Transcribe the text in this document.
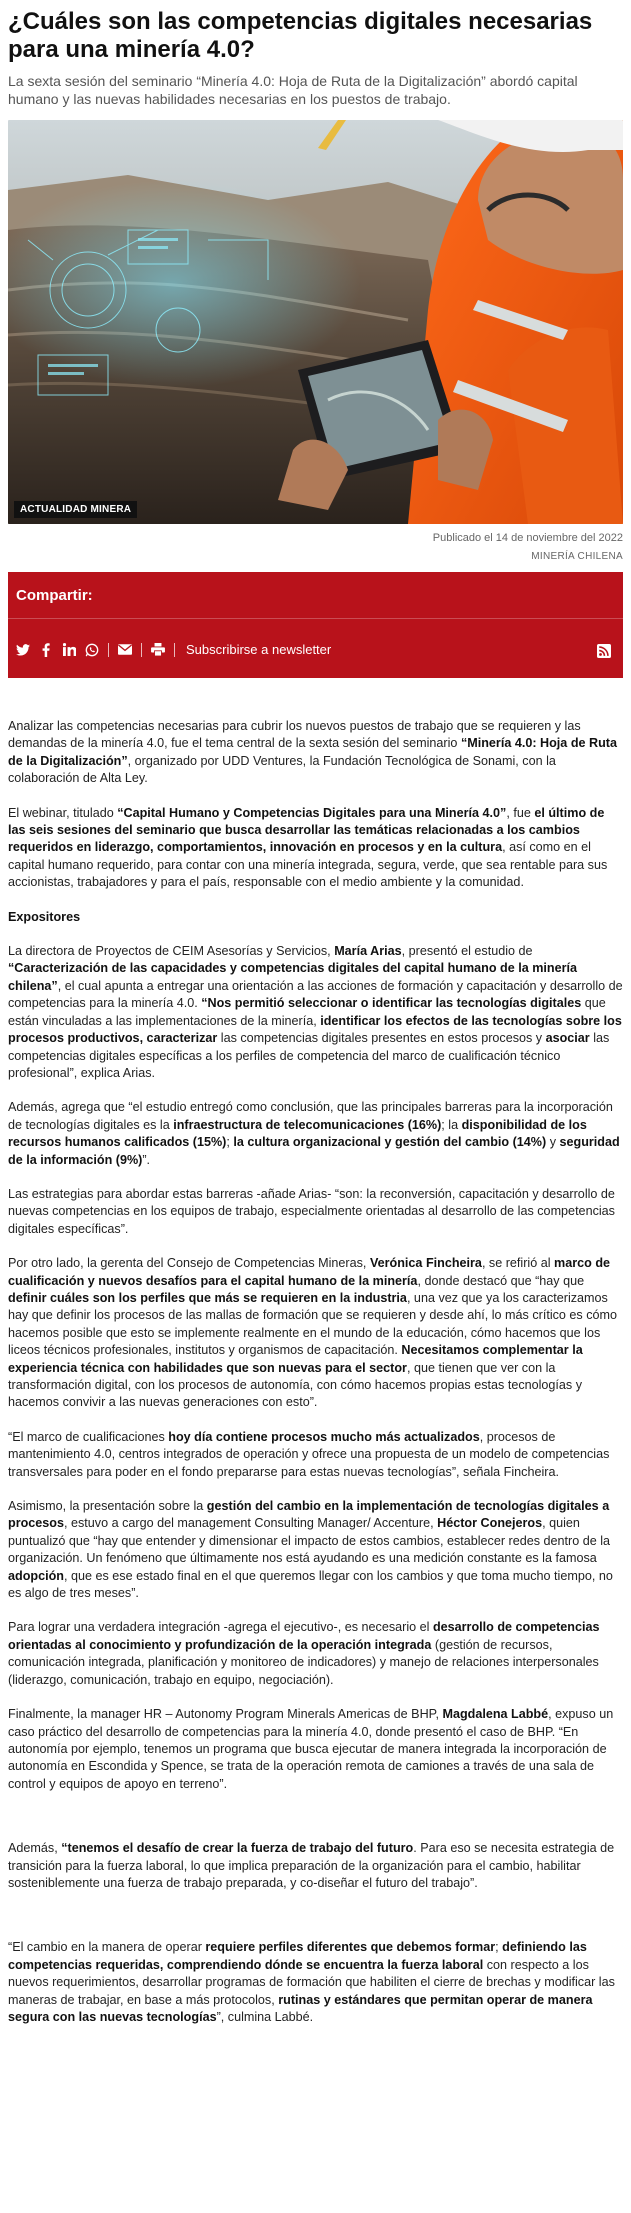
¿Cuáles son las competencias digitales necesarias para una minería 4.0?

La sexta sesión del seminario “Minería 4.0: Hoja de Ruta de la Digitalización” abordó capital humano y las nuevas habilidades necesarias en los puestos de trabajo.

ACTUALIDAD MINERA
Publicado el 14 de noviembre del 2022
MINERÍA CHILENA
Compartir:
Subscribirse a newsletter

Analizar las competencias necesarias para cubrir los nuevos puestos de trabajo que se requieren y las demandas de la minería 4.0, fue el tema central de la sexta sesión del seminario “Minería 4.0: Hoja de Ruta de la Digitalización”, organizado por UDD Ventures, la Fundación Tecnológica de Sonami, con la colaboración de Alta Ley.

El webinar, titulado “Capital Humano y Competencias Digitales para una Minería 4.0”, fue el último de las seis sesiones del seminario que busca desarrollar las temáticas relacionadas a los cambios requeridos en liderazgo, comportamientos, innovación en procesos y en la cultura, así como en el capital humano requerido, para contar con una minería integrada, segura, verde, que sea rentable para sus accionistas, trabajadores y para el país, responsable con el medio ambiente y la comunidad.

Expositores

La directora de Proyectos de CEIM Asesorías y Servicios, María Arias, presentó el estudio de “Caracterización de las capacidades y competencias digitales del capital humano de la minería chilena”, el cual apunta a entregar una orientación a las acciones de formación y capacitación y desarrollo de competencias para la minería 4.0. “Nos permitió seleccionar o identificar las tecnologías digitales que están vinculadas a las implementaciones de la minería, identificar los efectos de las tecnologías sobre los procesos productivos, caracterizar las competencias digitales presentes en estos procesos y asociar las competencias digitales específicas a los perfiles de competencia del marco de cualificación técnico profesional”, explica Arias.

Además, agrega que “el estudio entregó como conclusión, que las principales barreras para la incorporación de tecnologías digitales es la infraestructura de telecomunicaciones (16%); la disponibilidad de los recursos humanos calificados (15%); la cultura organizacional y gestión del cambio (14%) y seguridad de la información (9%)”.

Las estrategias para abordar estas barreras -añade Arias- “son: la reconversión, capacitación y desarrollo de nuevas competencias en los equipos de trabajo, especialmente orientadas al desarrollo de las competencias digitales específicas”.

Por otro lado, la gerenta del Consejo de Competencias Mineras, Verónica Fincheira, se refirió al marco de cualificación y nuevos desafíos para el capital humano de la minería, donde destacó que “hay que definir cuáles son los perfiles que más se requieren en la industria, una vez que ya los caracterizamos hay que definir los procesos de las mallas de formación que se requieren y desde ahí, lo más crítico es cómo hacemos posible que esto se implemente realmente en el mundo de la educación, cómo hacemos que los liceos técnicos profesionales, institutos y organismos de capacitación. Necesitamos complementar la experiencia técnica con habilidades que son nuevas para el sector, que tienen que ver con la transformación digital, con los procesos de autonomía, con cómo hacemos propias estas tecnologías y hacemos convivir a las nuevas generaciones con esto”.

“El marco de cualificaciones hoy día contiene procesos mucho más actualizados, procesos de mantenimiento 4.0, centros integrados de operación y ofrece una propuesta de un modelo de competencias transversales para poder en el fondo prepararse para estas nuevas tecnologías”, señala Fincheira.

Asimismo, la presentación sobre la gestión del cambio en la implementación de tecnologías digitales a procesos, estuvo a cargo del management Consulting Manager/ Accenture, Héctor Conejeros, quien puntualizó que “hay que entender y dimensionar el impacto de estos cambios, establecer redes dentro de la organización. Un fenómeno que últimamente nos está ayudando es una medición constante es la famosa adopción, que es ese estado final en el que queremos llegar con los cambios y que toma mucho tiempo, no es algo de tres meses”.

Para lograr una verdadera integración -agrega el ejecutivo-, es necesario el desarrollo de competencias orientadas al conocimiento y profundización de la operación integrada (gestión de recursos, comunicación integrada, planificación y monitoreo de indicadores) y manejo de relaciones interpersonales (liderazgo, comunicación, trabajo en equipo, negociación).

Finalmente, la manager HR – Autonomy Program Minerals Americas de BHP, Magdalena Labbé, expuso un caso práctico del desarrollo de competencias para la minería 4.0, donde presentó el caso de BHP. “En autonomía por ejemplo, tenemos un programa que busca ejecutar de manera integrada la incorporación de autonomía en Escondida y Spence, se trata de la operación remota de camiones a través de una sala de control y equipos de apoyo en terreno”.

Además, “tenemos el desafío de crear la fuerza de trabajo del futuro. Para eso se necesita estrategia de transición para la fuerza laboral, lo que implica preparación de la organización para el cambio, habilitar sosteniblemente una fuerza de trabajo preparada, y co-diseñar el futuro del trabajo”.

“El cambio en la manera de operar requiere perfiles diferentes que debemos formar; definiendo las competencias requeridas, comprendiendo dónde se encuentra la fuerza laboral con respecto a los nuevos requerimientos, desarrollar programas de formación que habiliten el cierre de brechas y modificar las maneras de trabajar, en base a más protocolos, rutinas y estándares que permitan operar de manera segura con las nuevas tecnologías”, culmina Labbé.
